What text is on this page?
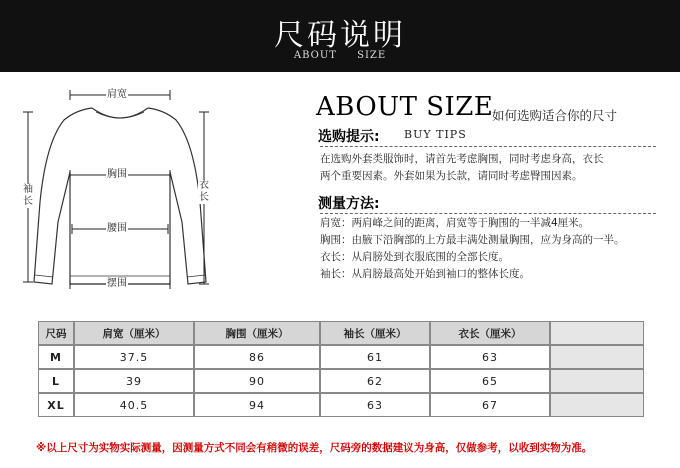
尺码说明
ABOUT SIZE
肩宽
胸围
腰围
摆围
袖长
衣长
ABOUT SIZE
如何选购适合你的尺寸
选购提示: BUY TIPS
在选购外套类服饰时，请首先考虑胸围，同时考虑身高，衣长
两个重要因素。外套如果为长款，请同时考虑臀围因素。
测量方法:
肩宽：两肩峰之间的距离，肩宽等于胸围的一半减4厘米。
胸围：由腋下沿胸部的上方最丰满处测量胸围，应为身高的一半。
衣长：从肩膀处到衣服底围的全部长度。
袖长：从肩膀最高处开始到袖口的整体长度。
尺码	肩宽（厘米）	胸围（厘米）	袖长（厘米）	衣长（厘米）	
M	37.5	86	61	63	
L	39	90	62	65	
XL	40.5	94	63	67	
※以上尺寸为实物实际测量，因测量方式不同会有稍微的误差，尺码旁的数据建议为身高，仅做参考，以收到实物为准。
